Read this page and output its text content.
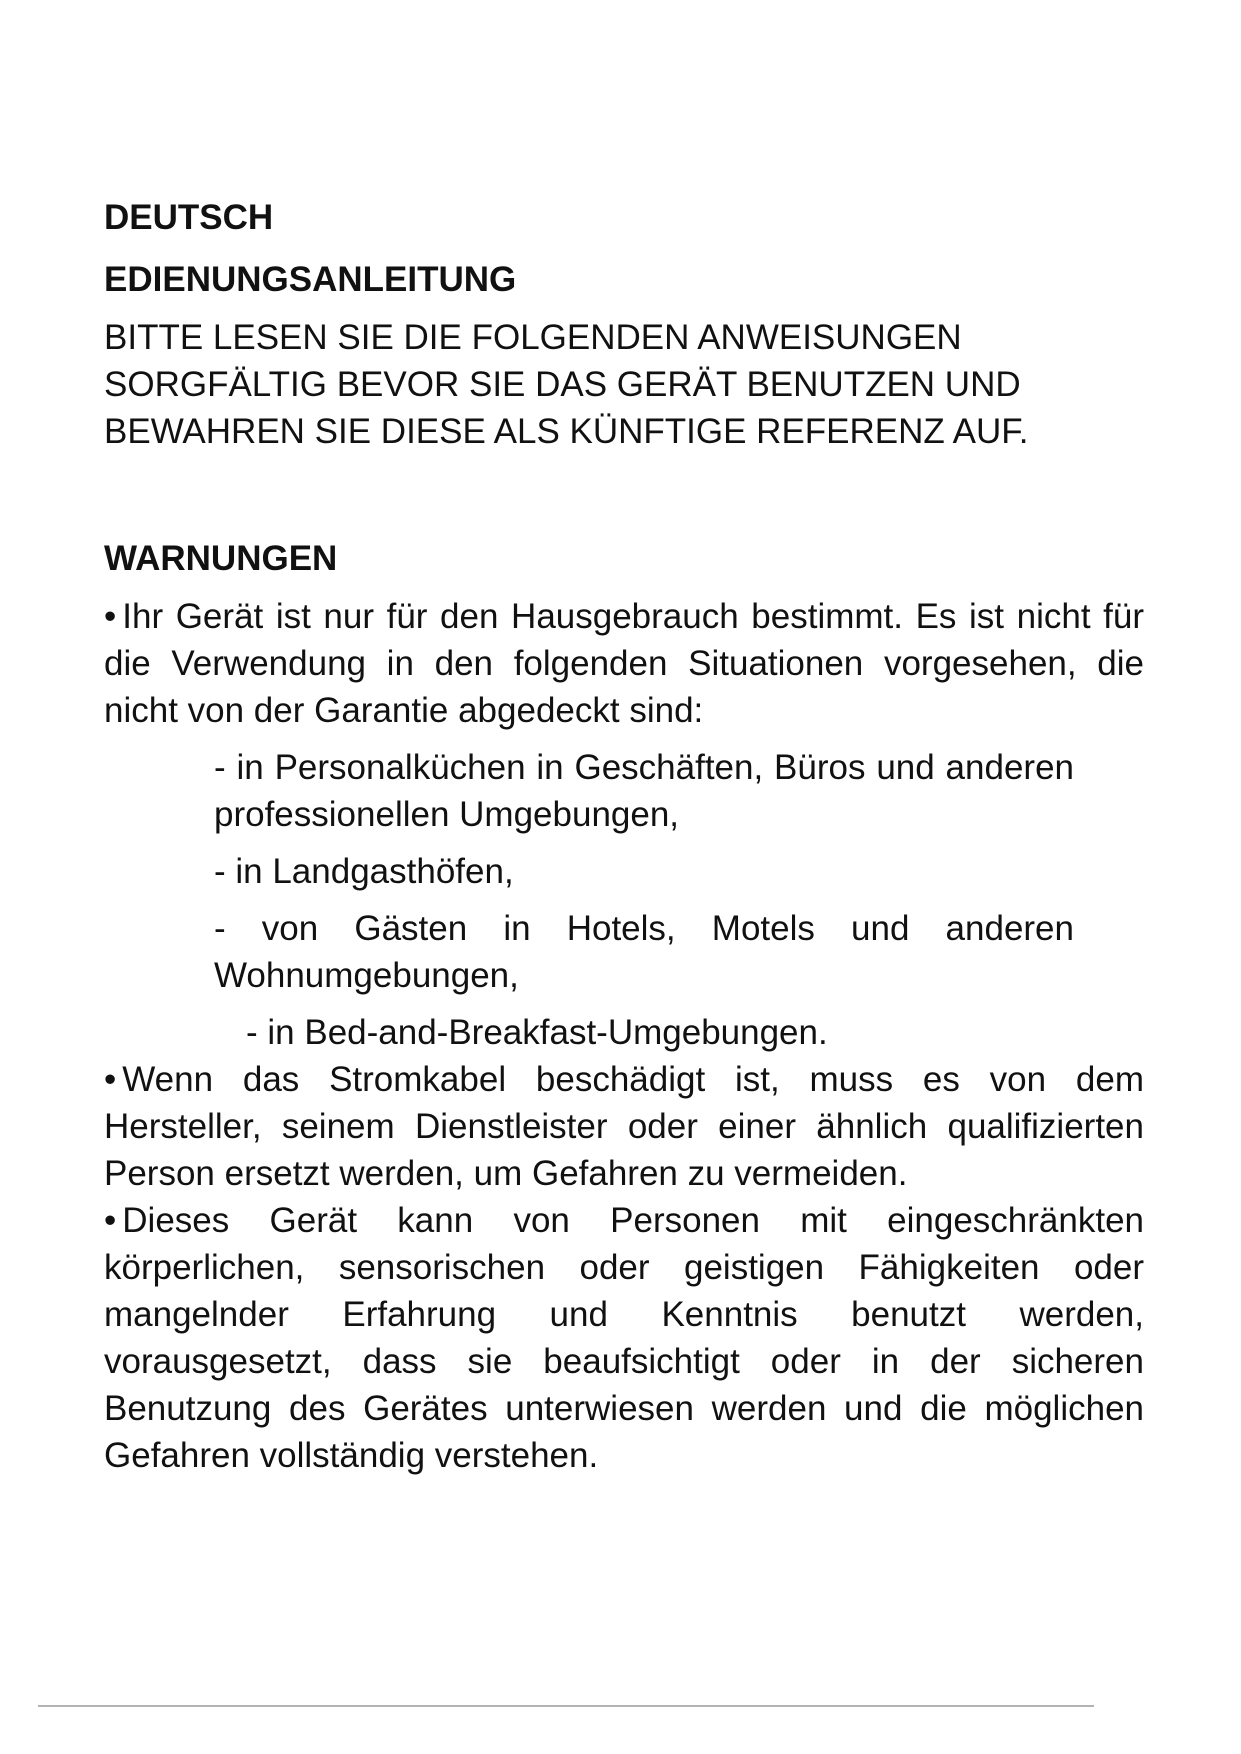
DEUTSCH
EDIENUNGSANLEITUNG
BITTE LESEN SIE DIE FOLGENDEN ANWEISUNGEN
SORGFÄLTIG BEVOR SIE DAS GERÄT BENUTZEN UND
BEWAHREN SIE DIESE ALS KÜNFTIGE REFERENZ AUF.
WARNUNGEN

• Ihr Gerät ist nur für den Hausgebrauch bestimmt. Es ist nicht für die Verwendung in den folgenden Situationen vorgesehen, die nicht von der Garantie abgedeckt sind:

- in Personalküchen in Geschäften, Büros und anderen professionellen Umgebungen,

- in Landgasthöfen,

- von Gästen in Hotels, Motels und anderen Wohnumgebungen,

- in Bed-and-Breakfast-Umgebungen.

• Wenn das Stromkabel beschädigt ist, muss es von dem Hersteller, seinem Dienstleister oder einer ähnlich qualifizierten Person ersetzt werden, um Gefahren zu vermeiden.

• Dieses Gerät kann von Personen mit eingeschränkten körperlichen, sensorischen oder geistigen Fähigkeiten oder mangelnder Erfahrung und Kenntnis benutzt werden, vorausgesetzt, dass sie beaufsichtigt oder in der sicheren Benutzung des Gerätes unterwiesen werden und die möglichen Gefahren vollständig verstehen.
